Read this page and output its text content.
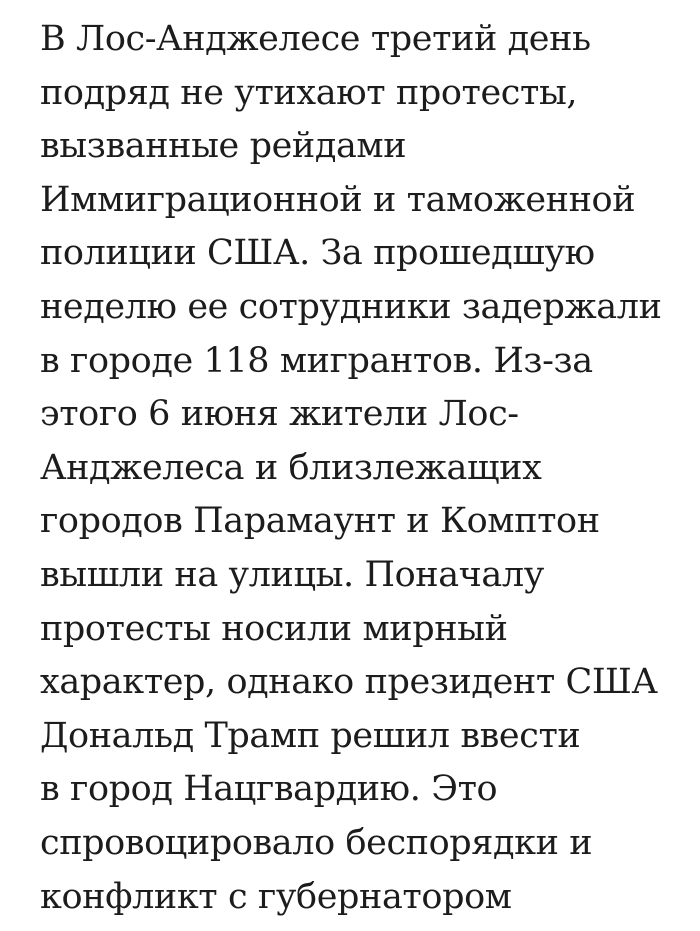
В Лос-Анджелесе третий день
подряд не утихают протесты,
вызванные рейдами
Иммиграционной и таможенной
полиции США. За прошедшую
неделю ее сотрудники задержали
в городе 118 мигрантов. Из-за
этого 6 июня жители Лос-
Анджелеса и близлежащих
городов Парамаунт и Комптон
вышли на улицы. Поначалу
протесты носили мирный
характер, однако президент США
Дональд Трамп решил ввести
в город Нацгвардию. Это
спровоцировало беспорядки и
конфликт с губернатором
